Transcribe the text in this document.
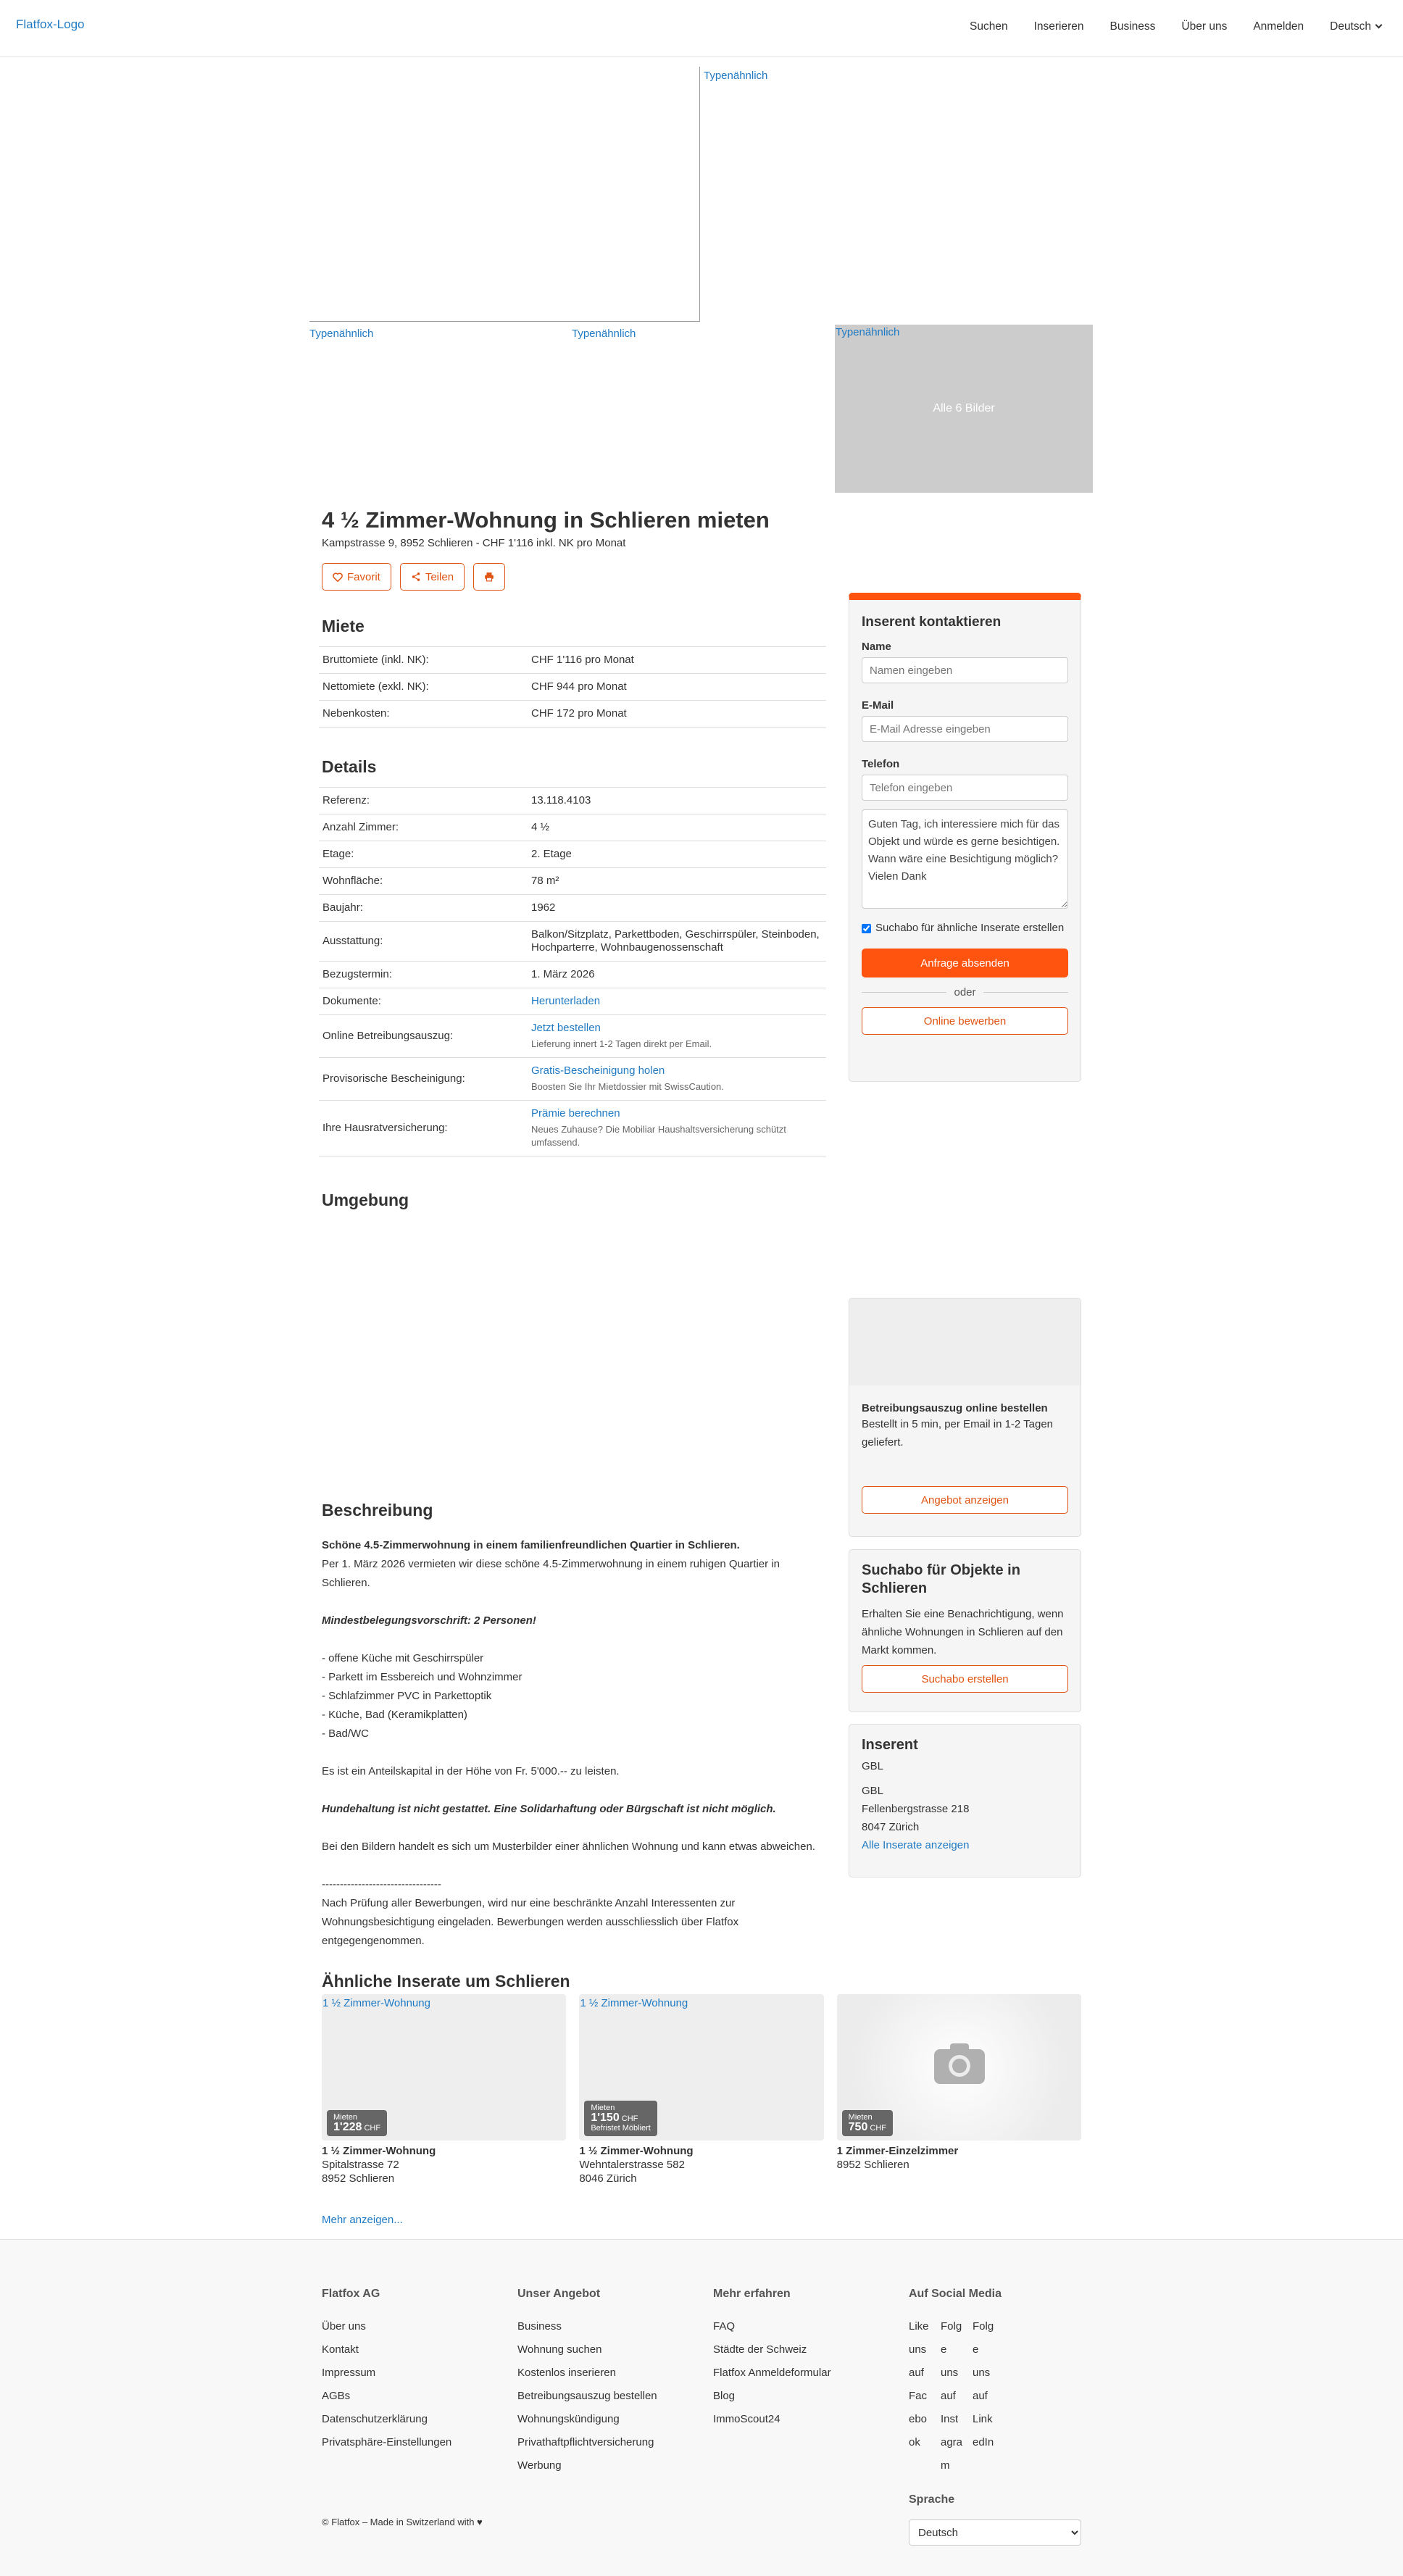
Flatfox-Logo	Suchen Inserieren Business Über uns Anmelden Deutsch
Typenähnlich
Typenähnlich	Typenähnlich	Typenähnlich
Alle 6 Bilder
4 ½ Zimmer-Wohnung in Schlieren mieten
Kampstrasse 9, 8952 Schlieren - CHF 1'116 inkl. NK pro Monat
Favorit	Teilen
Miete
Bruttomiete (inkl. NK):	CHF 1'116 pro Monat
Nettomiete (exkl. NK):	CHF 944 pro Monat
Nebenkosten:	CHF 172 pro Monat
Details
Referenz:	13.118.4103
Anzahl Zimmer:	4 ½
Etage:	2. Etage
Wohnfläche:	78 m²
Baujahr:	1962
Ausstattung:	Balkon/Sitzplatz, Parkettboden, Geschirrspüler, Steinboden, Hochparterre, Wohnbaugenossenschaft
Bezugstermin:	1. März 2026
Dokumente:	Herunterladen
Online Betreibungsauszug:	Jetzt bestellen
Lieferung innert 1-2 Tagen direkt per Email.

Provisorische Bescheinigung:	Gratis-Bescheinigung holen
Boosten Sie Ihr Mietdossier mit SwissCaution.

Ihre Hausratversicherung:	Prämie berechnen
Neues Zuhause? Die Mobiliar Haushaltsversicherung schützt umfassend.
Umgebung
Inserent kontaktieren
Name
Namen eingeben
E-Mail
E-Mail Adresse eingeben
Telefon
Telefon eingeben Guten Tag, ich interessiere mich für das Objekt und würde es gerne besichtigen. Wann wäre eine Besichtigung möglich? Vielen Dank
Suchabo für ähnliche Inserate erstellen
Anfrage absenden
oder
Online bewerben

Betreibungsauszug online bestellen

Bestellt in 5 min, per Email in 1-2 Tagen geliefert.

Angebot anzeigen
Suchabo für Objekte in Schlieren

Erhalten Sie eine Benachrichtigung, wenn ähnliche Wohnungen in Schlieren auf den Markt kommen.

Suchabo erstellen
Inserent

GBL

GBL

Fellenbergstrasse 218

8047 Zürich

Alle Inserate anzeigen
Beschreibung

Schöne 4.5-Zimmerwohnung in einem familienfreundlichen Quartier in Schlieren.

Per 1. März 2026 vermieten wir diese schöne 4.5-Zimmerwohnung in einem ruhigen Quartier in Schlieren.

Mindestbelegungsvorschrift: 2 Personen!

- offene Küche mit Geschirrspüler

- Parkett im Essbereich und Wohnzimmer

- Schlafzimmer PVC in Parkettoptik

- Küche, Bad (Keramikplatten)

- Bad/WC

Es ist ein Anteilskapital in der Höhe von Fr. 5'000.-- zu leisten.

Hundehaltung ist nicht gestattet. Eine Solidarhaftung oder Bürgschaft ist nicht möglich.

Bei den Bildern handelt es sich um Musterbilder einer ähnlichen Wohnung und kann etwas abweichen.

---------------------------------

Nach Prüfung aller Bewerbungen, wird nur eine beschränkte Anzahl Interessenten zur Wohnungsbesichtigung eingeladen. Bewerbungen werden ausschliesslich über Flatfox entgegengenommen.

Ähnliche Inserate um Schlieren
1 ½ Zimmer-Wohnung
Mieten
1'228 CHF
1 ½ Zimmer-Wohnung
Spitalstrasse 72
8952 Schlieren
1 ½ Zimmer-Wohnung
Mieten
1'150 CHF
Befristet Möbliert
1 ½ Zimmer-Wohnung
Wehntalerstrasse 582
8046 Zürich
Mieten
750 CHF
1 Zimmer-Einzelzimmer
8952 Schlieren
Mehr anzeigen...
Flatfox AG
Über uns
Kontakt
Impressum
AGBs
Datenschutzerklärung
Privatsphäre-Einstellungen
Unser Angebot
Business
Wohnung suchen
Kostenlos inserieren
Betreibungsauszug bestellen
Wohnungskündigung
Privathaftpflichtversicherung
Werbung
Mehr erfahren
FAQ
Städte der Schweiz
Flatfox Anmeldeformular
Blog
ImmoScout24
Auf Social Media
Like uns auf Facebook
Folge uns auf Instagram
Folge uns auf LinkedIn
Sprache
Deutsch
© Flatfox – Made in Switzerland with ♥
